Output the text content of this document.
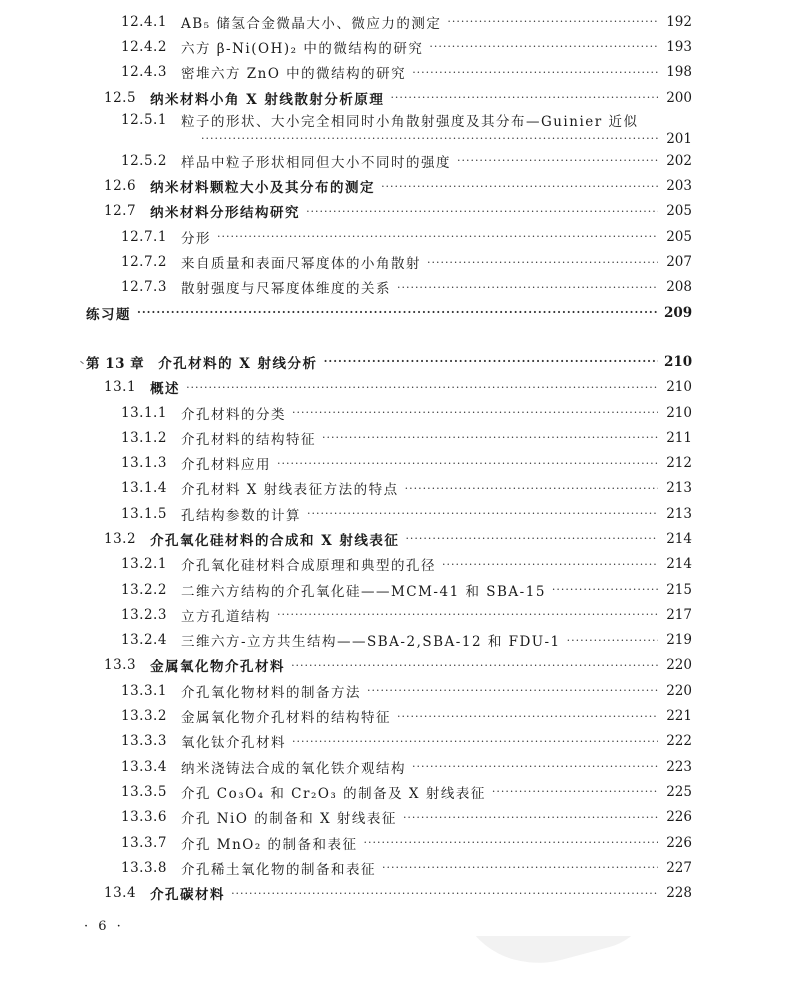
12.4.1 AB₅ 储氢合金微晶大小、微应力的测定 ·····	192
12.4.2 六方 β-Ni(OH)₂ 中的微结构的研究 ·····	193
12.4.3 密堆六方 ZnO 中的微结构的研究 ·····	198
12.5 纳米材料小角 X 射线散射分析原理 ·····	200
12.5.1 粒子的形状、大小完全相同时小角散射强度及其分布—Guinier 近似
·····
201
12.5.2 样品中粒子形状相同但大小不同时的强度 ·····	202
12.6 纳米材料颗粒大小及其分布的测定 ·····	203
12.7 纳米材料分形结构研究 ·····	205
12.7.1 分形 ·····	205
12.7.2 来自质量和表面尺幂度体的小角散射 ·····	207
12.7.3 散射强度与尺幂度体维度的关系 ·····	208
练习题 ·····	209
第 13 章 介孔材料的 X 射线分析 ·····	210
13.1 概述 ·····	210
13.1.1 介孔材料的分类 ·····	210
13.1.2 介孔材料的结构特征 ·····	211
13.1.3 介孔材料应用 ·····	212
13.1.4 介孔材料 X 射线表征方法的特点 ·····	213
13.1.5 孔结构参数的计算 ·····	213
13.2 介孔氧化硅材料的合成和 X 射线表征 ·····	214
13.2.1 介孔氧化硅材料合成原理和典型的孔径 ·····	214
13.2.2 二维六方结构的介孔氧化硅——MCM-41 和 SBA-15 ·····	215
13.2.3 立方孔道结构 ·····	217
13.2.4 三维六方-立方共生结构——SBA-2,SBA-12 和 FDU-1 ·····	219
13.3 金属氧化物介孔材料 ·····	220
13.3.1 介孔氧化物材料的制备方法 ·····	220
13.3.2 金属氧化物介孔材料的结构特征 ·····	221
13.3.3 氧化钛介孔材料 ·····	222
13.3.4 纳米浇铸法合成的氧化铁介观结构 ·····	223
13.3.5 介孔 Co₃O₄ 和 Cr₂O₃ 的制备及 X 射线表征 ·····	225
13.3.6 介孔 NiO 的制备和 X 射线表征 ·····	226
13.3.7 介孔 MnO₂ 的制备和表征 ·····	226
13.3.8 介孔稀土氧化物的制备和表征 ·····	227
13.4 介孔碳材料 ·····	228
· 6 ·
